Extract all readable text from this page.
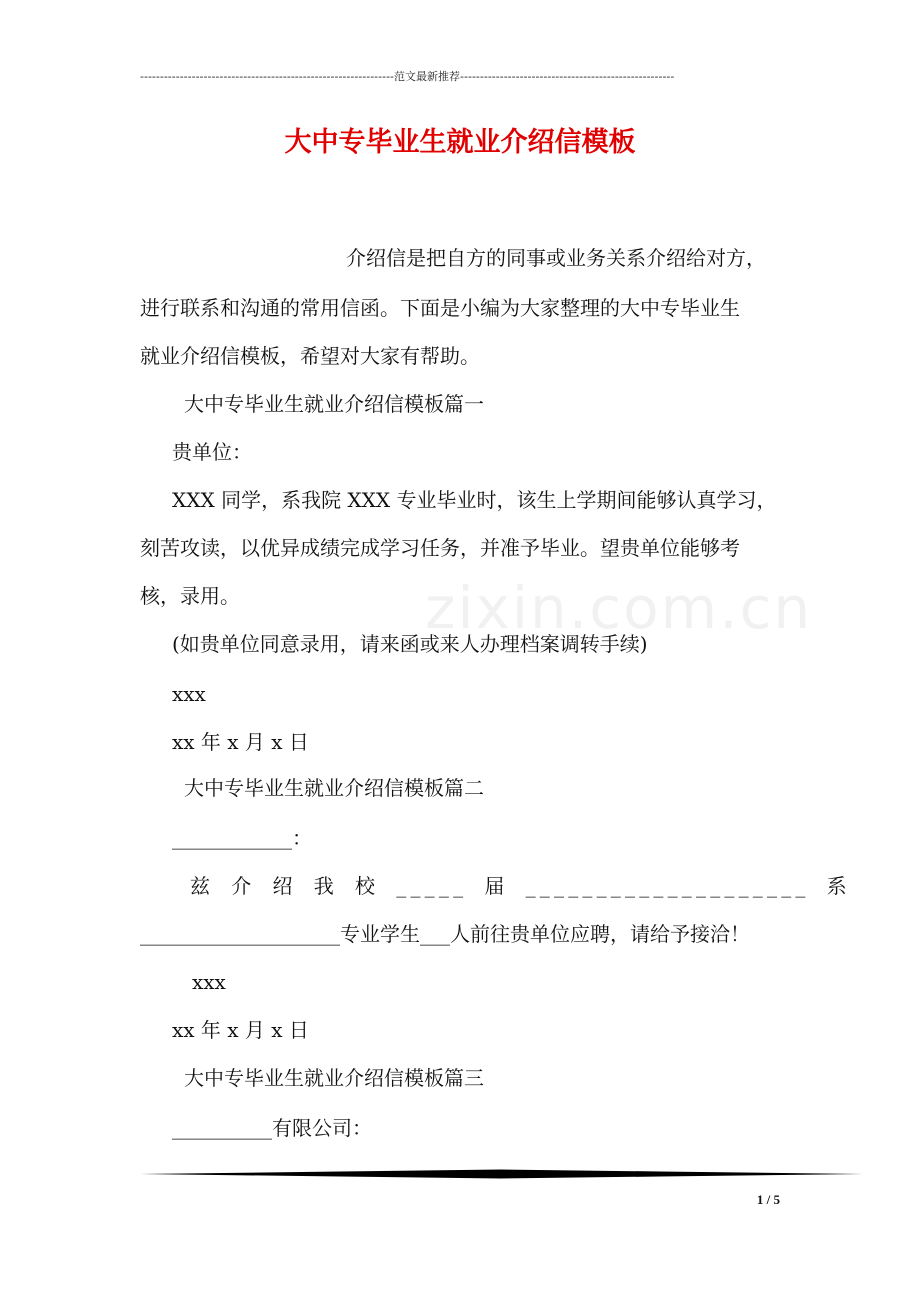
----------------------------------------------------------------范文最新推荐------------------------------------------------------
zixin.com.cn
大中专毕业生就业介绍信模板
介绍信是把自方的同事或业务关系介绍给对方，
进行联系和沟通的常用信函。下面是小编为大家整理的大中专毕业生
就业介绍信模板，希望对大家有帮助。
大中专毕业生就业介绍信模板篇一
贵单位：
XXX 同学，系我院 XXX 专业毕业时，该生上学期间能够认真学习，
刻苦攻读，以优异成绩完成学习任务，并准予毕业。望贵单位能够考
核，录用。
(如贵单位同意录用，请来函或来人办理档案调转手续)
xxx
xx 年 x 月 x 日
大中专毕业生就业介绍信模板篇二
____________：
兹 介 绍 我 校 _____ 届 ____________________ 系
____________________专业学生___人前往贵单位应聘，请给予接洽！
xxx
xx 年 x 月 x 日
大中专毕业生就业介绍信模板篇三
__________有限公司：
1 / 5
